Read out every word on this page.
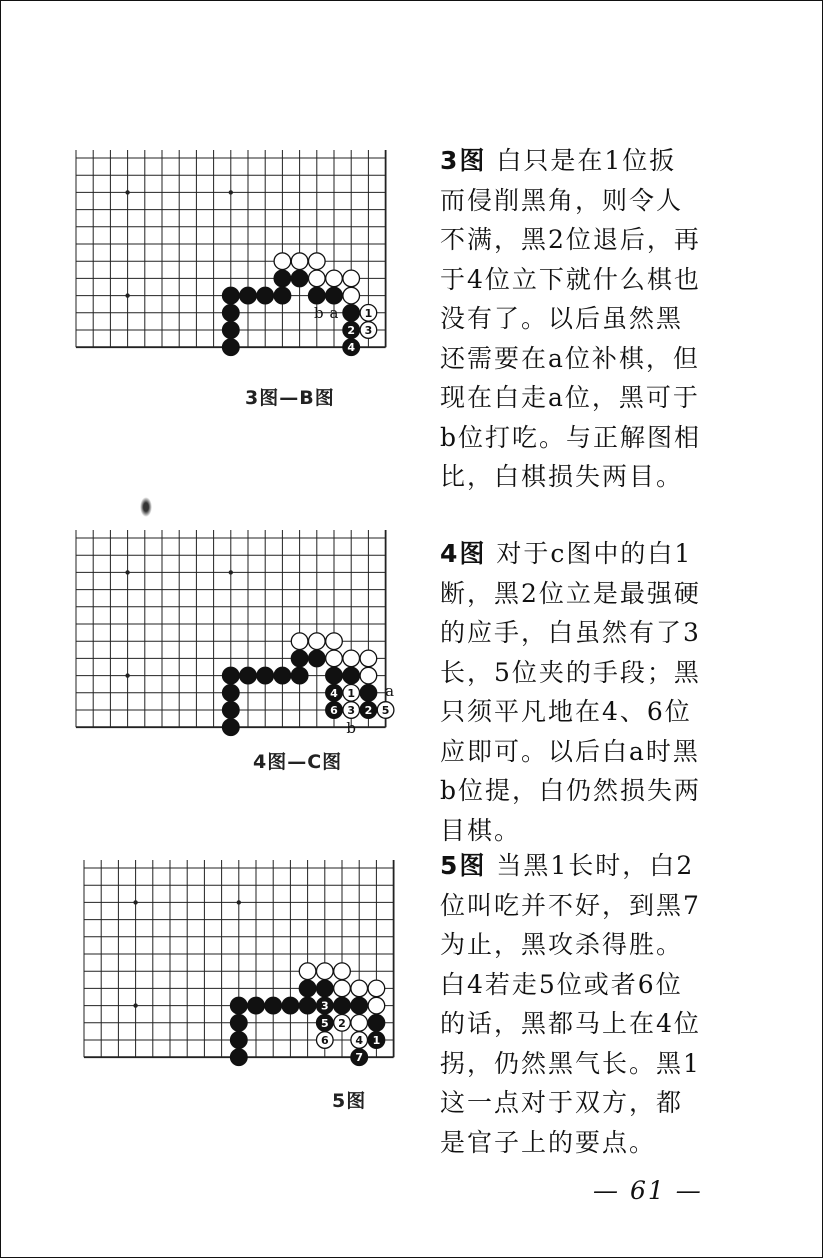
1
2 3
4
b a
3图—B图
3图 白只是在1位扳而侵削黑角，则令人不满，黑2位退后，再于4位立下就什么棋也没有了。以后虽然黑还需要在a位补棋，但现在白走a位，黑可于b位打吃。与正解图相比，白棋损失两目。
4 1
6 3 2 5
a
b
4图—C图
4图 对于c图中的白1断，黑2位立是最强硬的应手，白虽然有了3长，5位夹的手段；黑只须平凡地在4、6位应即可。以后白a时黑b位提，白仍然损失两目棋。
3
5 2
6 4 1
7
5图
5图 当黑1长时，白2位叫吃并不好，到黑7为止，黑攻杀得胜。白4若走5位或者6位的话，黑都马上在4位拐，仍然黑气长。黑1这一点对于双方，都是官子上的要点。
— 61 —
